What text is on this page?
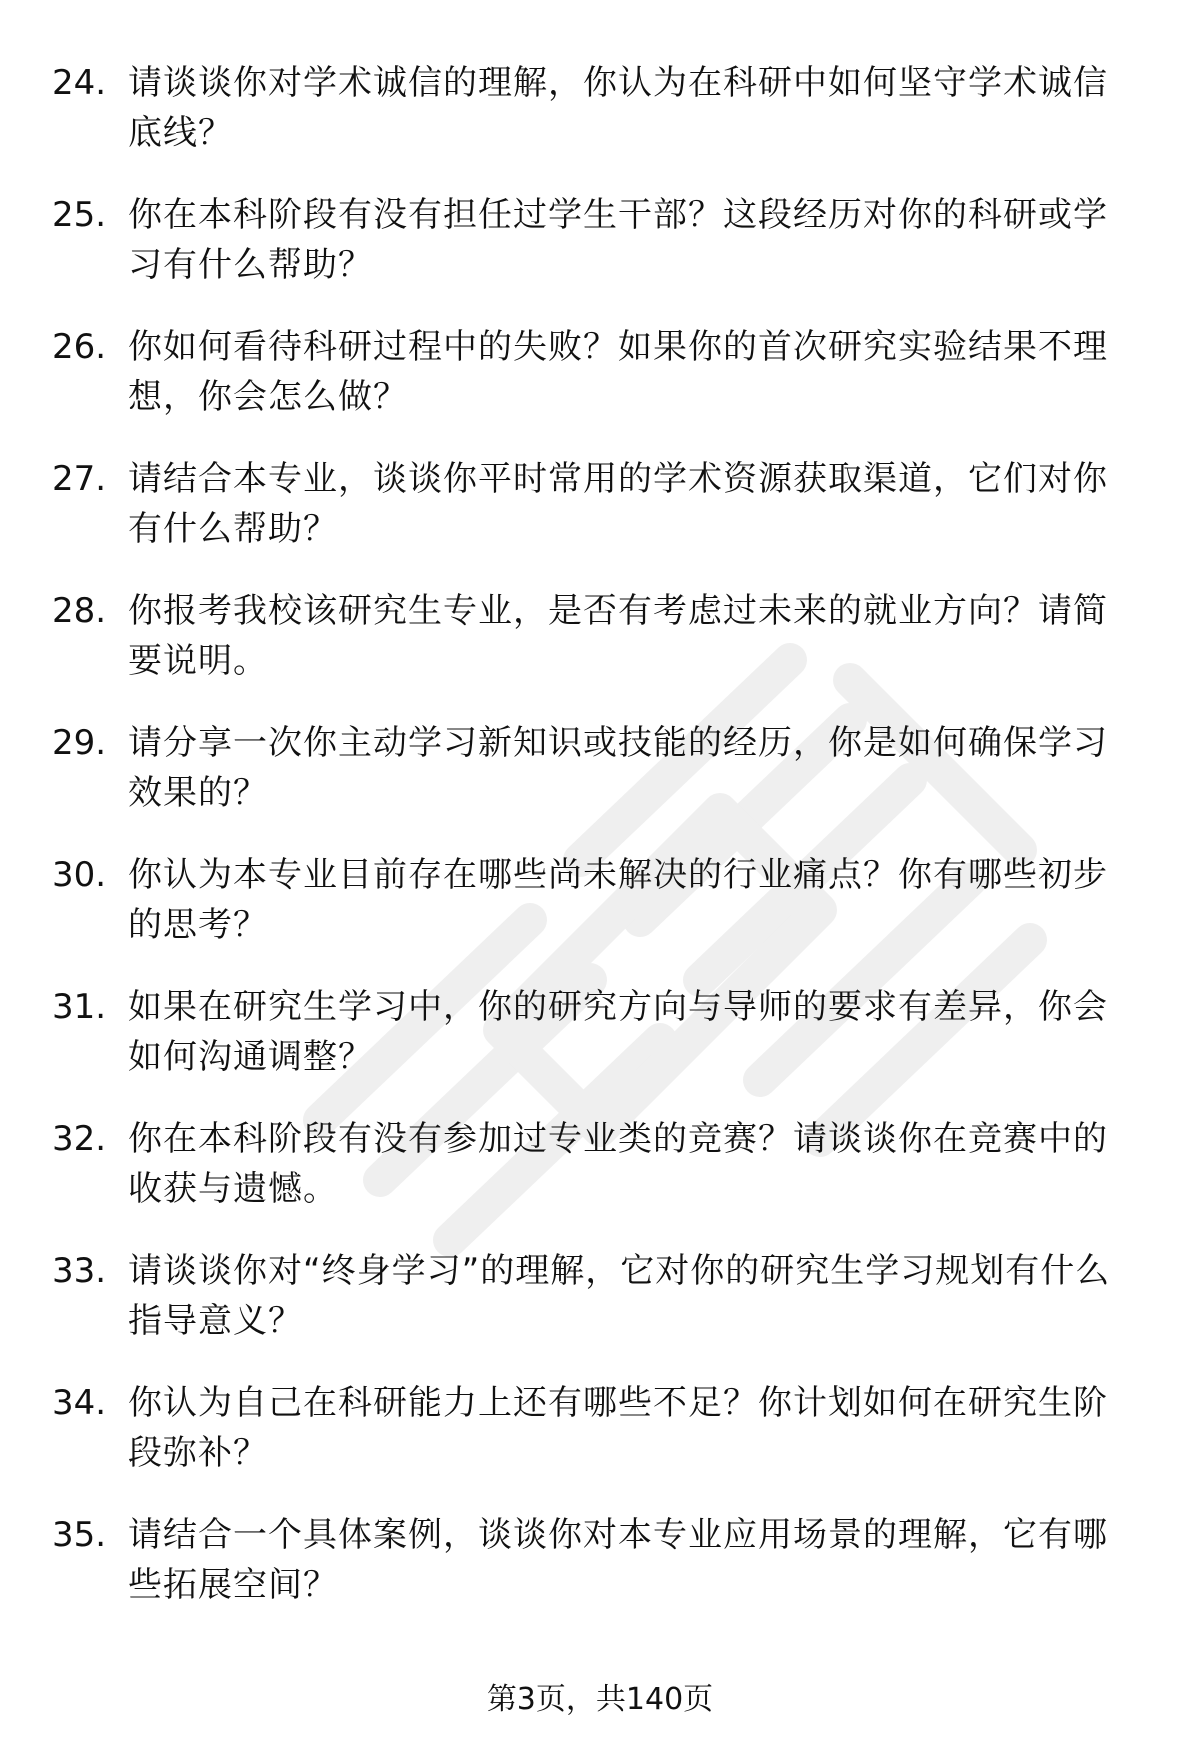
24. 请谈谈你对学术诚信的理解，你认为在科研中如何坚守学术诚信底线？
25. 你在本科阶段有没有担任过学生干部？这段经历对你的科研或学习有什么帮助？
26. 你如何看待科研过程中的失败？如果你的首次研究实验结果不理想，你会怎么做？
27. 请结合本专业，谈谈你平时常用的学术资源获取渠道，它们对你有什么帮助？
28. 你报考我校该研究生专业，是否有考虑过未来的就业方向？请简要说明。
29. 请分享一次你主动学习新知识或技能的经历，你是如何确保学习效果的？
30. 你认为本专业目前存在哪些尚未解决的行业痛点？你有哪些初步的思考？
31. 如果在研究生学习中，你的研究方向与导师的要求有差异，你会如何沟通调整？
32. 你在本科阶段有没有参加过专业类的竞赛？请谈谈你在竞赛中的收获与遗憾。
33. 请谈谈你对“终身学习”的理解，它对你的研究生学习规划有什么指导意义？
34. 你认为自己在科研能力上还有哪些不足？你计划如何在研究生阶段弥补？
35. 请结合一个具体案例，谈谈你对本专业应用场景的理解，它有哪些拓展空间？
第3页，共140页
